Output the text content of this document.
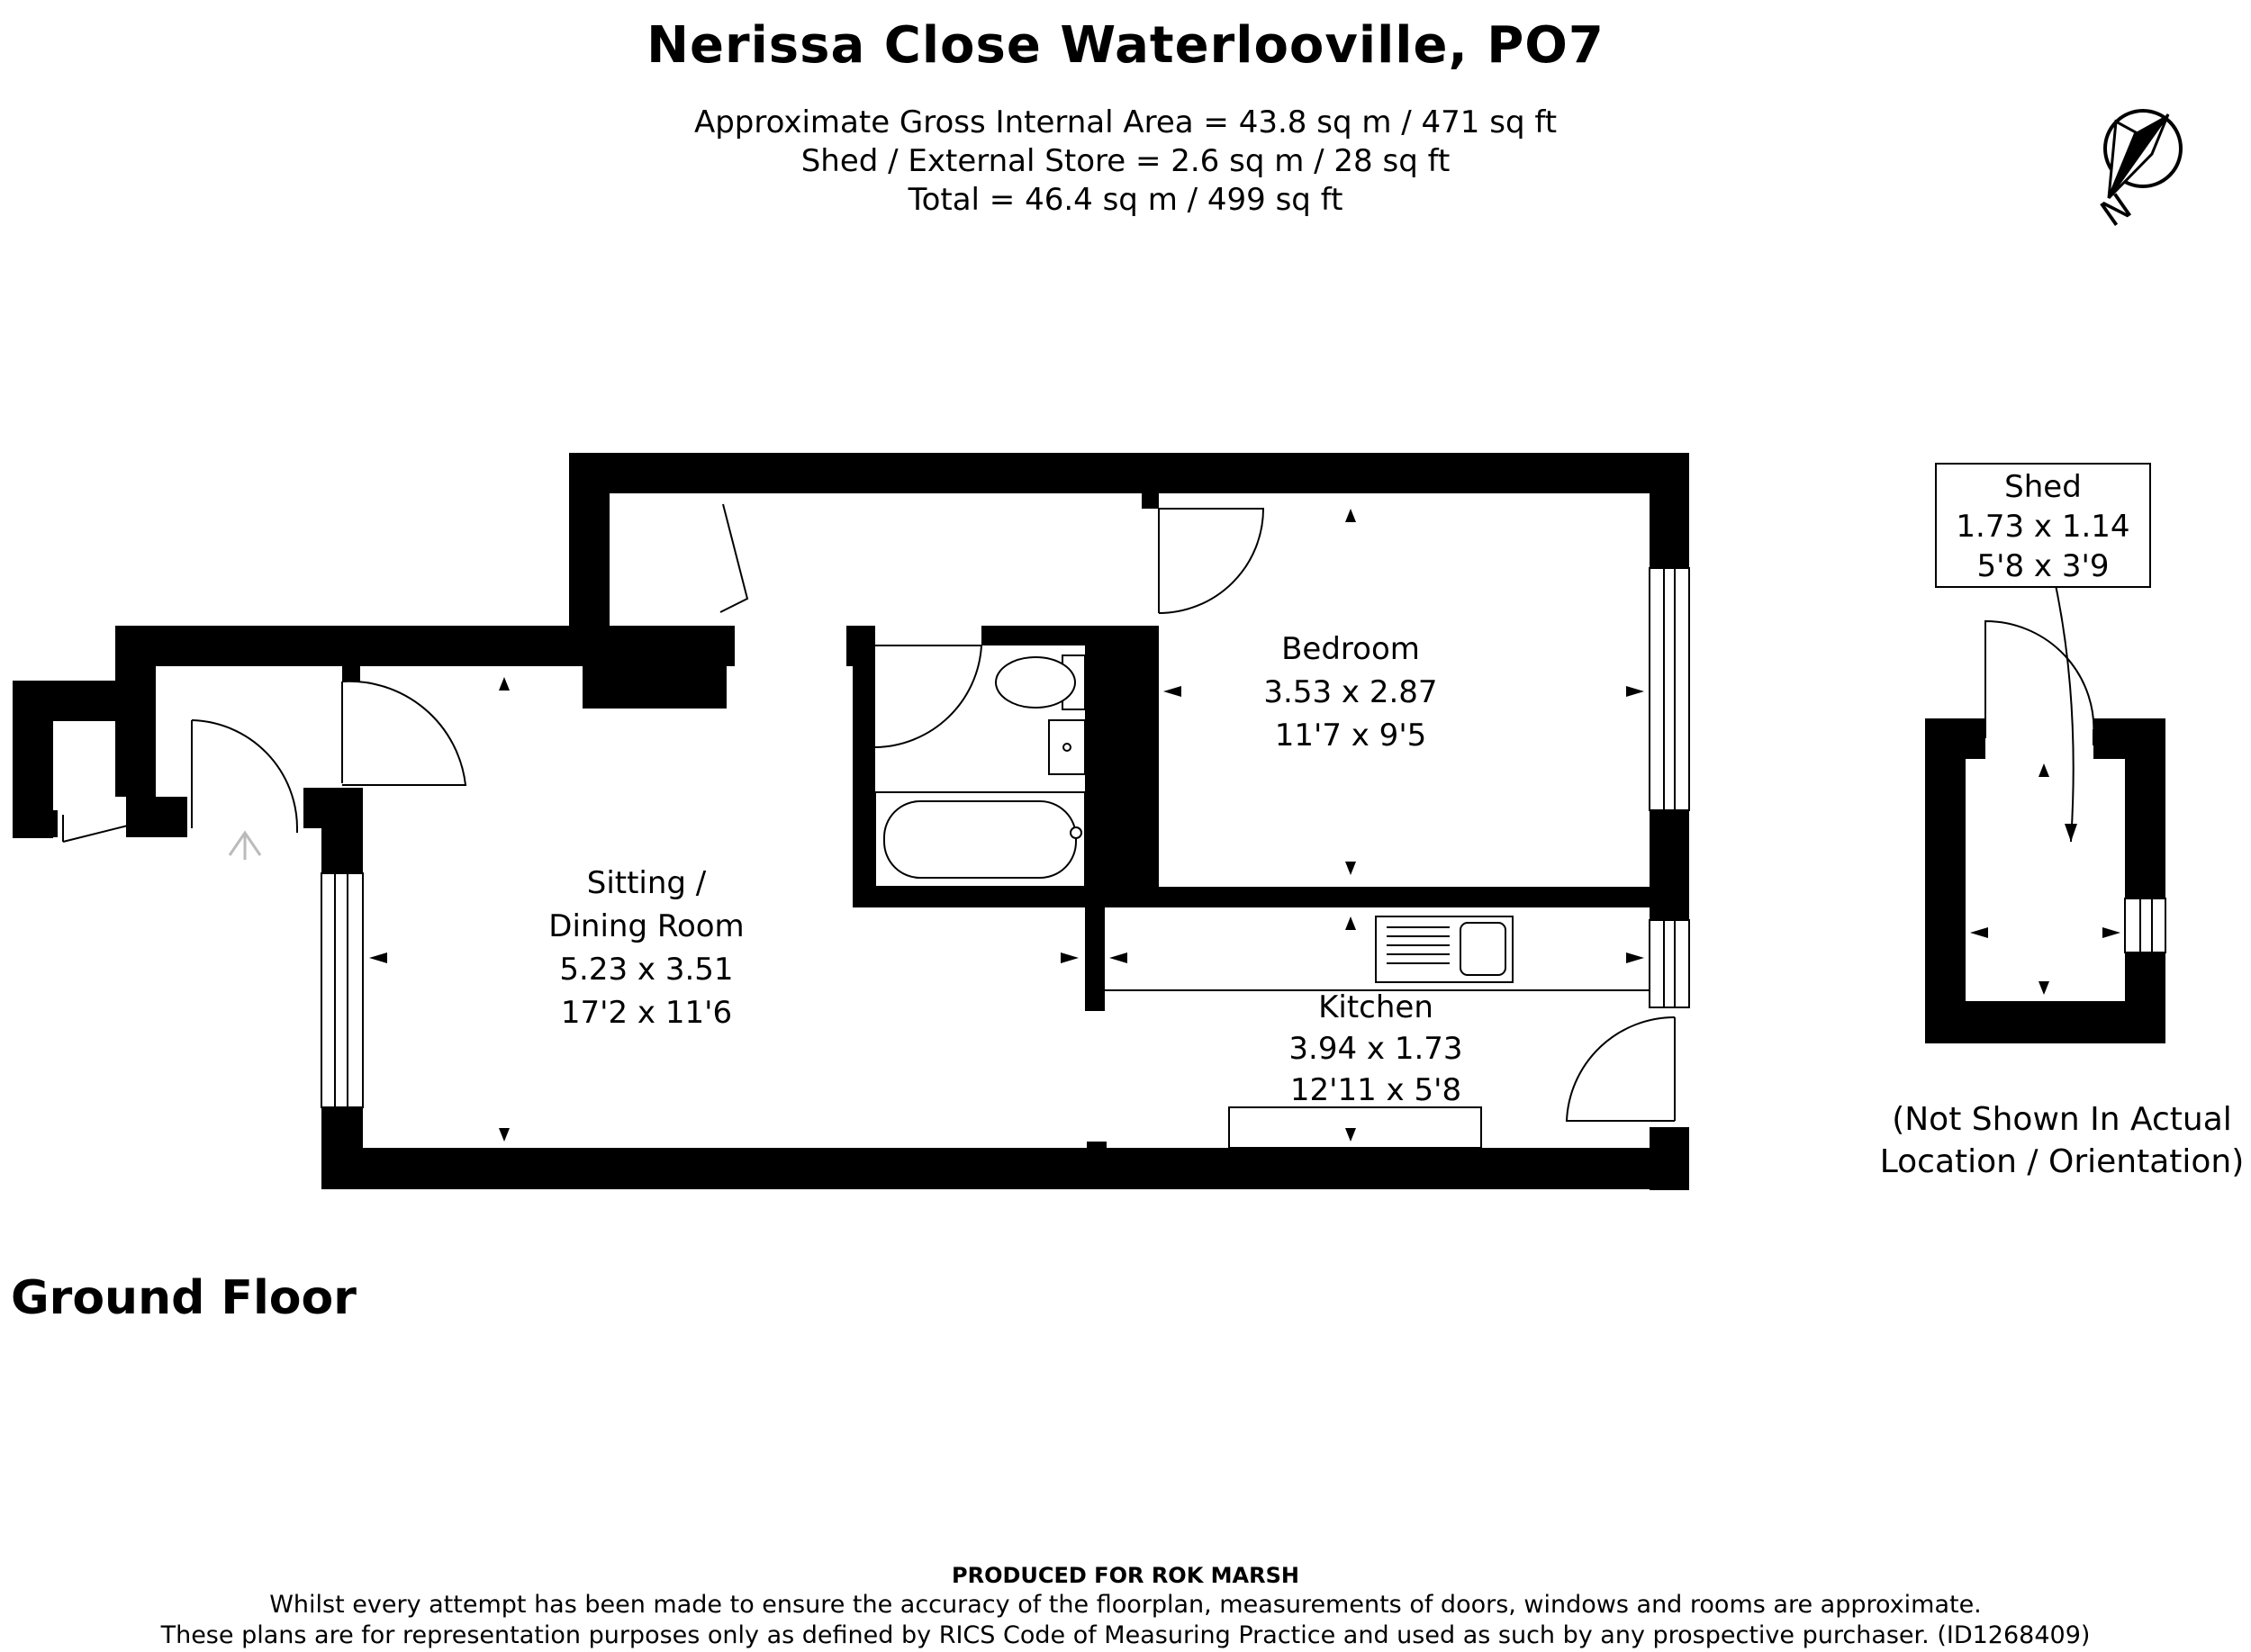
Nerissa Close Waterlooville, PO7
Approximate Gross Internal Area = 43.8 sq m / 471 sq ft
Shed / External Store = 2.6 sq m / 28 sq ft
Total = 46.4 sq m / 499 sq ft	N
Bedroom
3.53 x 2.87
11'7 x 9'5
Sitting /
Dining Room
5.23 x 3.51
17'2 x 11'6	Kitchen
3.94 x 1.73
12'11 x 5'8
Shed
1.73 x 1.14
5'8 x 3'9
(Not Shown In Actual
Location / Orientation)
Ground Floor
PRODUCED FOR ROK MARSH
Whilst every attempt has been made to ensure the accuracy of the floorplan, measurements of doors, windows and rooms are approximate.
These plans are for representation purposes only as defined by RICS Code of Measuring Practice and used as such by any prospective purchaser. (ID1268409)
